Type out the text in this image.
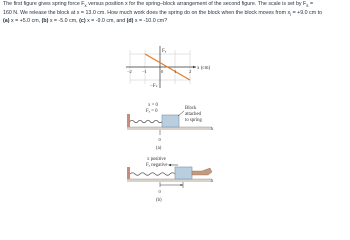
The first figure gives spring force $F_x$ versus position x for the spring–block arrangement of the second figure. The scale is set by $F_s$ =

160 N. We release the block at x = 13.0 cm. How much work does the spring do on the block when the block moves from $x_i = +9.0$ cm to

(a) x = +5.0 cm, (b) x = -5.0 cm, (c) x = -9.0 cm, and (d) x = -10.0 cm?

Fₓ
−Fₛ
x (cm)
−2 −1	0 1	2
x = 0
Fₓ = 0
Block
attached
to spring
0
x
(a)
x positive
Fₓ negative
0
x
(b)
